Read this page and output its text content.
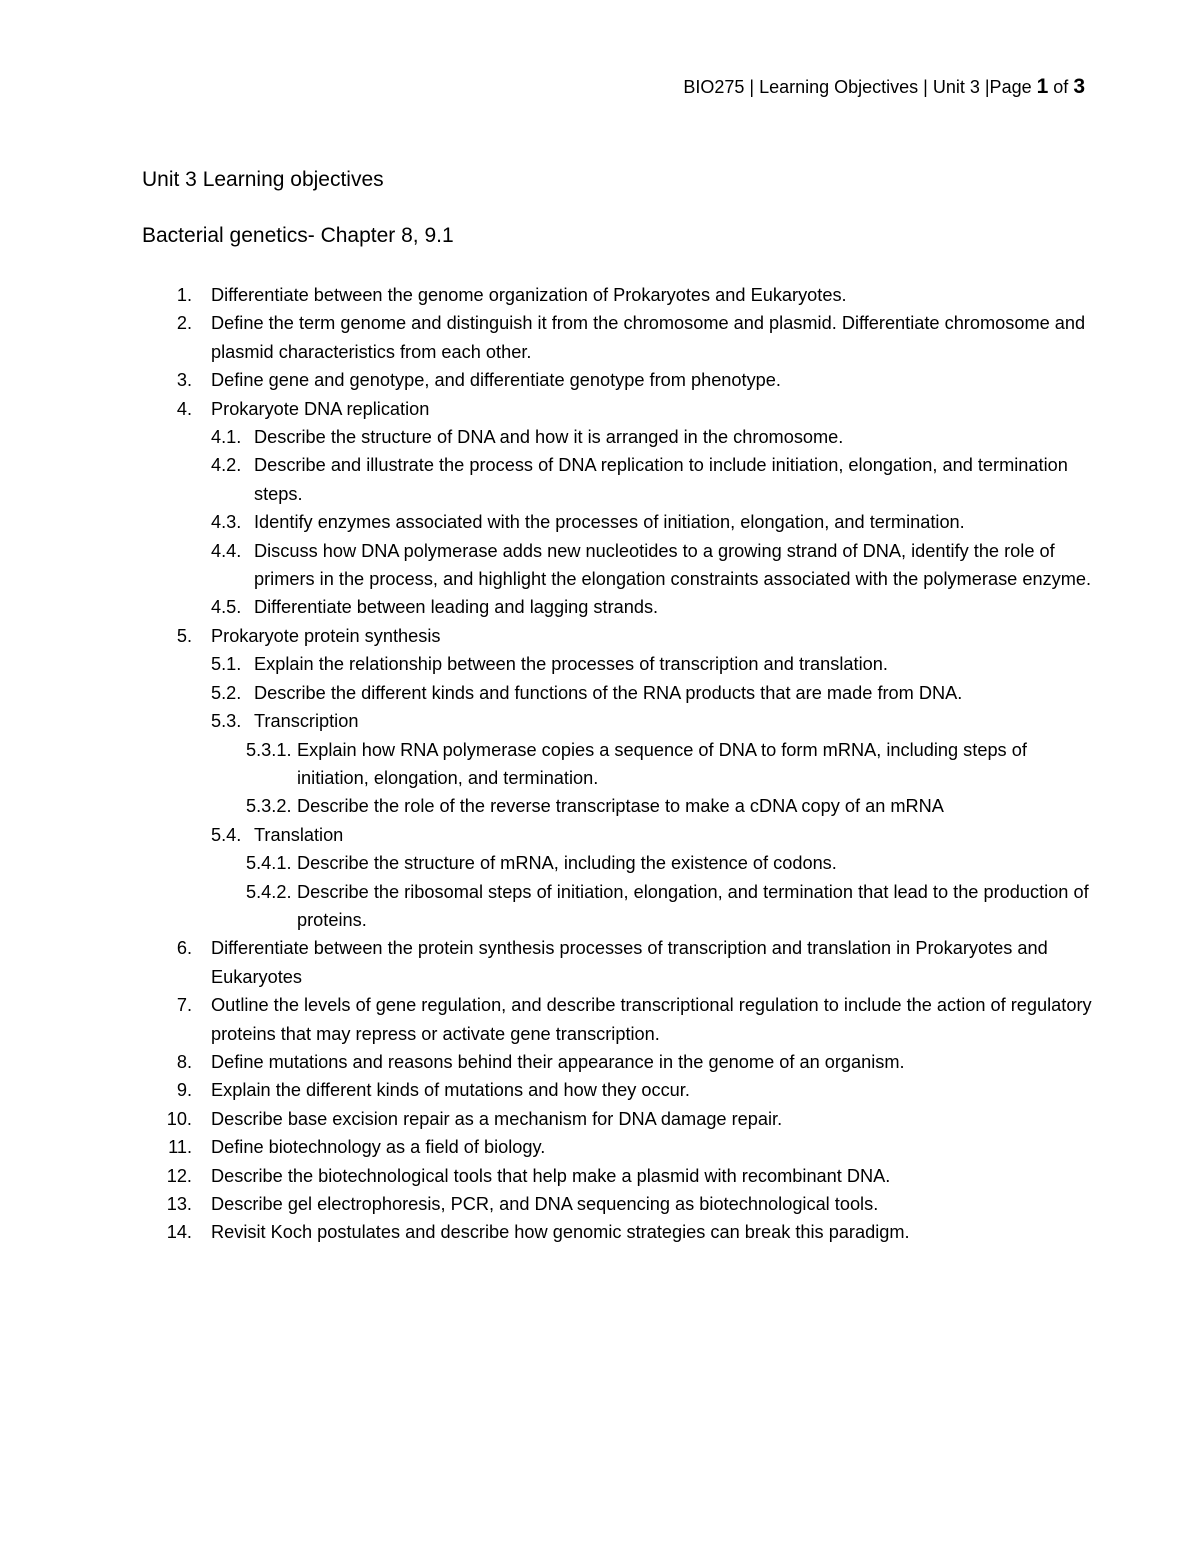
BIO275 | Learning Objectives | Unit 3 |Page 1 of 3
Unit 3 Learning objectives
Bacterial genetics- Chapter 8, 9.1
1. Differentiate between the genome organization of Prokaryotes and Eukaryotes.
2. Define the term genome and distinguish it from the chromosome and plasmid. Differentiate chromosome and plasmid characteristics from each other.
3. Define gene and genotype, and differentiate genotype from phenotype.
4. Prokaryote DNA replication
4.1. Describe the structure of DNA and how it is arranged in the chromosome.
4.2. Describe and illustrate the process of DNA replication to include initiation, elongation, and termination steps.
4.3. Identify enzymes associated with the processes of initiation, elongation, and termination.
4.4. Discuss how DNA polymerase adds new nucleotides to a growing strand of DNA, identify the role of primers in the process, and highlight the elongation constraints associated with the polymerase enzyme.
4.5. Differentiate between leading and lagging strands.
5. Prokaryote protein synthesis
5.1. Explain the relationship between the processes of transcription and translation.
5.2. Describe the different kinds and functions of the RNA products that are made from DNA.
5.3. Transcription
5.3.1. Explain how RNA polymerase copies a sequence of DNA to form mRNA, including steps of initiation, elongation, and termination.
5.3.2. Describe the role of the reverse transcriptase to make a cDNA copy of an mRNA
5.4. Translation
5.4.1. Describe the structure of mRNA, including the existence of codons.
5.4.2. Describe the ribosomal steps of initiation, elongation, and termination that lead to the production of proteins.
6. Differentiate between the protein synthesis processes of transcription and translation in Prokaryotes and Eukaryotes
7. Outline the levels of gene regulation, and describe transcriptional regulation to include the action of regulatory proteins that may repress or activate gene transcription.
8. Define mutations and reasons behind their appearance in the genome of an organism.
9. Explain the different kinds of mutations and how they occur.
10. Describe base excision repair as a mechanism for DNA damage repair.
11. Define biotechnology as a field of biology.
12. Describe the biotechnological tools that help make a plasmid with recombinant DNA.
13. Describe gel electrophoresis, PCR, and DNA sequencing as biotechnological tools.
14. Revisit Koch postulates and describe how genomic strategies can break this paradigm.
